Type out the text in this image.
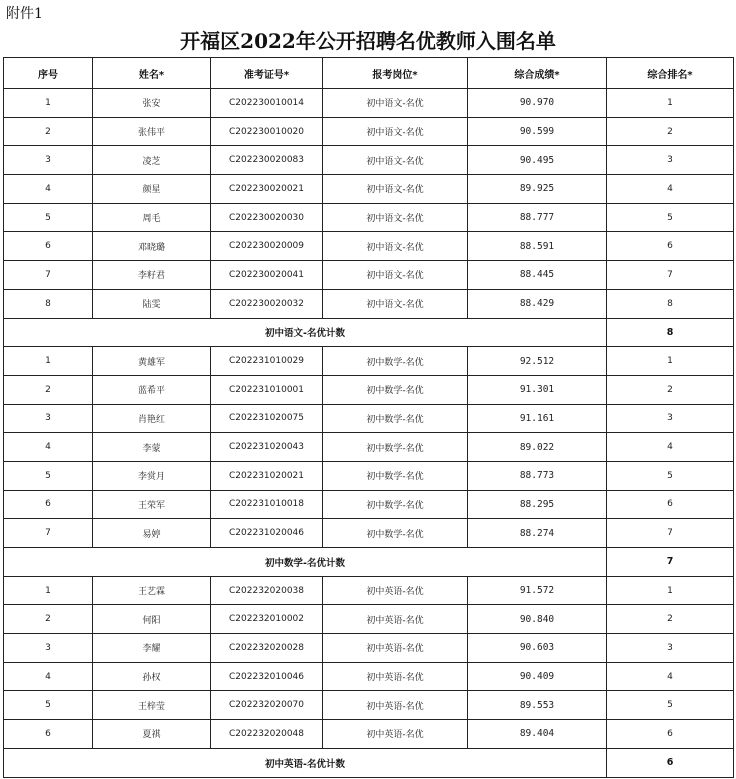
附件1
开福区2022年公开招聘名优教师入围名单
序号	姓名*	准考证号*	报考岗位*	综合成绩*	综合排名*
1	张安	C202230010014	初中语文-名优	90.970	1
2	张伟平	C202230010020	初中语文-名优	90.599	2
3	凌芝	C202230020083	初中语文-名优	90.495	3
4	颜星	C202230020021	初中语文-名优	89.925	4
5	周毛	C202230020030	初中语文-名优	88.777	5
6	邓晓璐	C202230020009	初中语文-名优	88.591	6
7	李籽君	C202230020041	初中语文-名优	88.445	7
8	陆雯	C202230020032	初中语文-名优	88.429	8
初中语文-名优计数					8
1	黄雄军	C202231010029	初中数学-名优	92.512	1
2	蓝希平	C202231010001	初中数学-名优	91.301	2
3	肖艳红	C202231020075	初中数学-名优	91.161	3
4	李蒙	C202231020043	初中数学-名优	89.022	4
5	李赏月	C202231020021	初中数学-名优	88.773	5
6	王荣军	C202231010018	初中数学-名优	88.295	6
7	易婷	C202231020046	初中数学-名优	88.274	7
初中数学-名优计数					7
1	王艺霖	C202232020038	初中英语-名优	91.572	1
2	何阳	C202232010002	初中英语-名优	90.840	2
3	李耀	C202232020028	初中英语-名优	90.603	3
4	孙权	C202232010046	初中英语-名优	90.409	4
5	王梓莹	C202232020070	初中英语-名优	89.553	5
6	夏祺	C202232020048	初中英语-名优	89.404	6
初中英语-名优计数					6
